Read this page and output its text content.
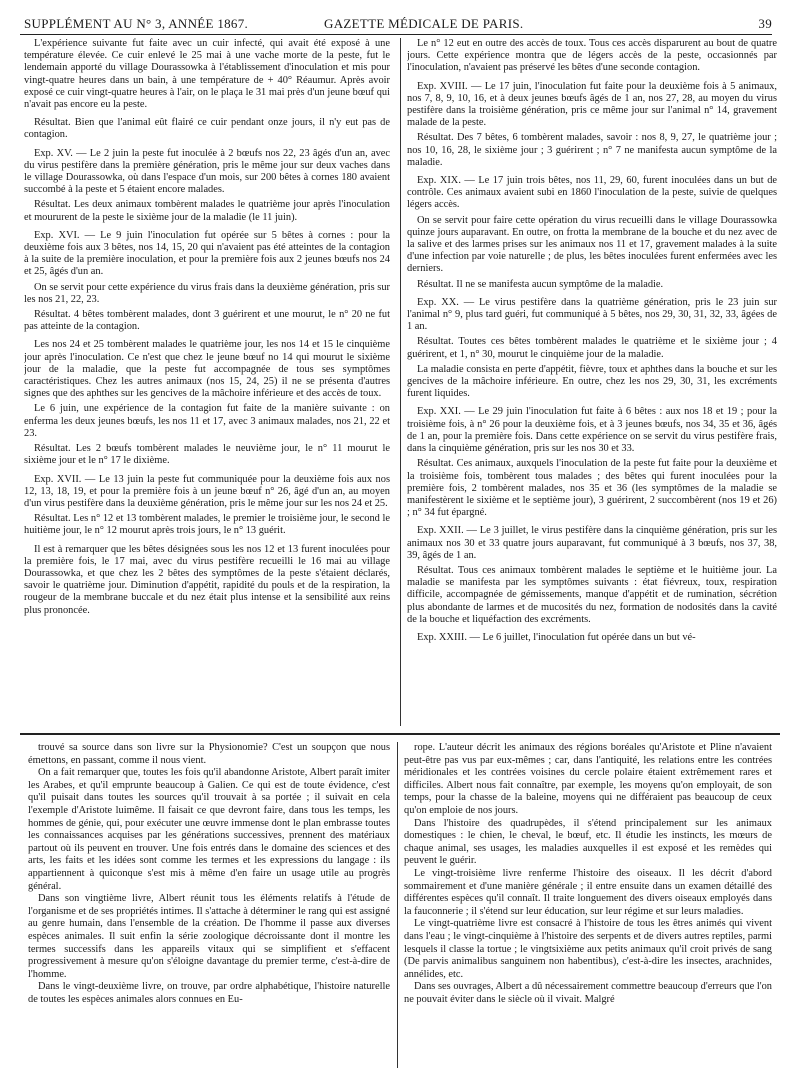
SUPPLÉMENT AU N° 3, ANNÉE 1867.	GAZETTE MÉDICALE DE PARIS.	39

L'expérience suivante fut faite avec un cuir infecté, qui avait été exposé à une température élevée. Ce cuir enlevé le 25 mai à une vache morte de la peste, fut le lendemain apporté du village Dourassowka à l'établissement d'inoculation et mis pour vingt-quatre heures dans un bain, à une température de + 40° Réaumur. Après avoir exposé ce cuir vingt-quatre heures à l'air, on le plaça le 31 mai près d'un jeune bœuf qui n'avait pas encore eu la peste.

Résultat. Bien que l'animal eût flairé ce cuir pendant onze jours, il n'y eut pas de contagion.

Exp. XV. — Le 2 juin la peste fut inoculée à 2 bœufs nos 22, 23 âgés d'un an, avec du virus pestifère dans la première génération, pris le même jour sur deux vaches dans le village Dourassowka, où dans l'espace d'un mois, sur 200 bêtes à cornes 180 avaient succombé à la peste et 5 étaient encore malades.

Résultat. Les deux animaux tombèrent malades le quatrième jour après l'inoculation et moururent de la peste le sixième jour de la maladie (le 11 juin).

Exp. XVI. — Le 9 juin l'inoculation fut opérée sur 5 bêtes à cornes : pour la deuxième fois aux 3 bêtes, nos 14, 15, 20 qui n'avaient pas été atteintes de la contagion à la suite de la première inoculation, et pour la première fois aux 2 jeunes bœufs nos 24 et 25, âgés d'un an.

On se servit pour cette expérience du virus frais dans la deuxième génération, pris sur les nos 21, 22, 23.

Résultat. 4 bêtes tombèrent malades, dont 3 guérirent et une mourut, le n° 20 ne fut pas atteinte de la contagion.

Les nos 24 et 25 tombèrent malades le quatrième jour, les nos 14 et 15 le cinquième jour après l'inoculation. Ce n'est que chez le jeune bœuf no 14 qui mourut le sixième jour de la maladie, que la peste fut accompagnée de tous ses symptômes caractéristiques. Chez les autres animaux (nos 15, 24, 25) il ne se présenta d'autres signes que des aphthes sur les gencives de la mâchoire inférieure et des accès de toux.

Le 6 juin, une expérience de la contagion fut faite de la manière suivante : on enferma les deux jeunes bœufs, les nos 11 et 17, avec 3 animaux malades, nos 21, 22 et 23.

Résultat. Les 2 bœufs tombèrent malades le neuvième jour, le n° 11 mourut le sixième jour et le n° 17 le dixième.

Exp. XVII. — Le 13 juin la peste fut communiquée pour la deuxième fois aux nos 12, 13, 18, 19, et pour la première fois à un jeune bœuf n° 26, âgé d'un an, au moyen d'un virus pestifère dans la deuxième génération, pris le même jour sur les nos 24 et 25.

Résultat. Les n° 12 et 13 tombèrent malades, le premier le troisième jour, le second le huitième jour, le n° 12 mourut après trois jours, le n° 13 guérit.

Il est à remarquer que les bêtes désignées sous les nos 12 et 13 furent inoculées pour la première fois, le 17 mai, avec du virus pestifère recueilli le 16 mai au village Dourassowka, et que chez les 2 bêtes des symptômes de la peste s'étaient déclarés, savoir le quatrième jour. Diminution d'appétit, rapidité du pouls et de la respiration, la rougeur de la membrane buccale et du nez était plus intense et la sensibilité aux reins plus prononcée.

Le n° 12 eut en outre des accès de toux. Tous ces accès disparurent au bout de quatre jours. Cette expérience montra que de légers accès de la peste, occasionnés par l'inoculation, n'avaient pas préservé les bêtes d'une seconde contagion.

Exp. XVIII. — Le 17 juin, l'inoculation fut faite pour la deuxième fois à 5 animaux, nos 7, 8, 9, 10, 16, et à deux jeunes bœufs âgés de 1 an, nos 27, 28, au moyen du virus pestifère dans la troisième génération, pris ce même jour sur l'animal n° 14, gravement malade de la peste.

Résultat. Des 7 bêtes, 6 tombèrent malades, savoir : nos 8, 9, 27, le quatrième jour ; nos 10, 16, 28, le sixième jour ; 3 guérirent ; n° 7 ne manifesta aucun symptôme de la maladie.

Exp. XIX. — Le 17 juin trois bêtes, nos 11, 29, 60, furent inoculées dans un but de contrôle. Ces animaux avaient subi en 1860 l'inoculation de la peste, suivie de quelques légers accès.

On se servit pour faire cette opération du virus recueilli dans le village Dourassowka quinze jours auparavant. En outre, on frotta la membrane de la bouche et du nez avec de la salive et des larmes prises sur les animaux nos 11 et 17, gravement malades à la suite d'une infection par voie naturelle ; de plus, les bêtes inoculées furent enfermées avec les derniers.

Résultat. Il ne se manifesta aucun symptôme de la maladie.

Exp. XX. — Le virus pestifère dans la quatrième génération, pris le 23 juin sur l'animal n° 9, plus tard guéri, fut communiqué à 5 bêtes, nos 29, 30, 31, 32, 33, âgées de 1 an.

Résultat. Toutes ces bêtes tombèrent malades le quatrième et le sixième jour ; 4 guérirent, et 1, n° 30, mourut le cinquième jour de la maladie.

La maladie consista en perte d'appétit, fièvre, toux et aphthes dans la bouche et sur les gencives de la mâchoire inférieure. En outre, chez les nos 29, 30, 31, les excréments furent liquides.

Exp. XXI. — Le 29 juin l'inoculation fut faite à 6 bêtes : aux nos 18 et 19 ; pour la troisième fois, à n° 26 pour la deuxième fois, et à 3 jeunes bœufs, nos 34, 35 et 36, âgés de 1 an, pour la première fois. Dans cette expérience on se servit du virus pestifère frais, dans la cinquième génération, pris sur les nos 30 et 33.

Résultat. Ces animaux, auxquels l'inoculation de la peste fut faite pour la deuxième et la troisième fois, tombèrent tous malades ; des bêtes qui furent inoculées pour la première fois, 2 tombèrent malades, nos 35 et 36 (les symptômes de la maladie se manifestèrent le sixième et le septième jour), 3 guérirent, 2 succombèrent (nos 19 et 26) ; n° 34 fut épargné.

Exp. XXII. — Le 3 juillet, le virus pestifère dans la cinquième génération, pris sur les animaux nos 30 et 33 quatre jours auparavant, fut communiqué à 3 bœufs, nos 37, 38, 39, âgés de 1 an.

Résultat. Tous ces animaux tombèrent malades le septième et le huitième jour. La maladie se manifesta par les symptômes suivants : état fiévreux, toux, respiration difficile, accompagnée de gémissements, manque d'appétit et de rumination, sécrétion plus abondante de larmes et de mucosités du nez, formation de nodosités dans la cavité de la bouche et liquéfaction des excréments.

Exp. XXIII. — Le 6 juillet, l'inoculation fut opérée dans un but vé-

trouvé sa source dans son livre sur la Physionomie? C'est un soupçon que nous émettons, en passant, comme il nous vient.

On a fait remarquer que, toutes les fois qu'il abandonne Aristote, Albert paraît imiter les Arabes, et qu'il emprunte beaucoup à Galien. Ce qui est de toute évidence, c'est qu'il puisait dans toutes les sources qu'il trouvait à sa portée ; il suivait en cela l'exemple d'Aristote luimême. Il faisait ce que devront faire, dans tous les temps, les hommes de génie, qui, pour exécuter une œuvre immense dont le plan embrasse toutes les connaissances acquises par les générations successives, prennent des matériaux partout où ils peuvent en trouver. Une fois entrés dans le domaine des sciences et des arts, les faits et les idées sont comme les termes et les expressions du langage : ils appartiennent à quiconque s'est mis à même d'en faire un usage utile au progrès général.

Dans son vingtième livre, Albert réunit tous les éléments relatifs à l'étude de l'organisme et de ses propriétés intimes. Il s'attache à déterminer le rang qui est assigné au genre humain, dans l'ensemble de la création. De l'homme il passe aux diverses espèces animales. Il suit enfin la série zoologique décroissante dont il montre les termes successifs dans les appareils vitaux qui se simplifient et s'effacent progressivement à mesure qu'on s'éloigne davantage du premier terme, c'est-à-dire de l'homme.

Dans le vingt-deuxième livre, on trouve, par ordre alphabétique, l'histoire naturelle de toutes les espèces animales alors connues en Eu-

rope. L'auteur décrit les animaux des régions boréales qu'Aristote et Pline n'avaient peut-être pas vus par eux-mêmes ; car, dans l'antiquité, les relations entre les contrées méridionales et les contrées voisines du cercle polaire étaient extrêmement rares et difficiles. Albert nous fait connaître, par exemple, les moyens qu'on employait, de son temps, pour la chasse de la baleine, moyens qui ne différaient pas beaucoup de ceux qu'on emploie de nos jours.

Dans l'histoire des quadrupèdes, il s'étend principalement sur les animaux domestiques : le chien, le cheval, le bœuf, etc. Il étudie les instincts, les mœurs de chaque animal, ses usages, les maladies auxquelles il est exposé et les remèdes qui peuvent le guérir.

Le vingt-troisième livre renferme l'histoire des oiseaux. Il les décrit d'abord sommairement et d'une manière générale ; il entre ensuite dans un examen détaillé des différentes espèces qu'il connaît. Il traite longuement des divers oiseaux employés dans la fauconnerie ; il s'étend sur leur éducation, sur leur régime et sur leurs maladies.

Le vingt-quatrième livre est consacré à l'histoire de tous les êtres animés qui vivent dans l'eau ; le vingt-cinquième à l'histoire des serpents et de divers autres reptiles, parmi lesquels il classe la tortue ; le vingtsixième aux petits animaux qu'il croit privés de sang (De parvis animalibus sanguinem non habentibus), c'est-à-dire les insectes, arachnides, annélides, etc.

Dans ses ouvrages, Albert a dû nécessairement commettre beaucoup d'erreurs que l'on ne pouvait éviter dans le siècle où il vivait. Malgré
